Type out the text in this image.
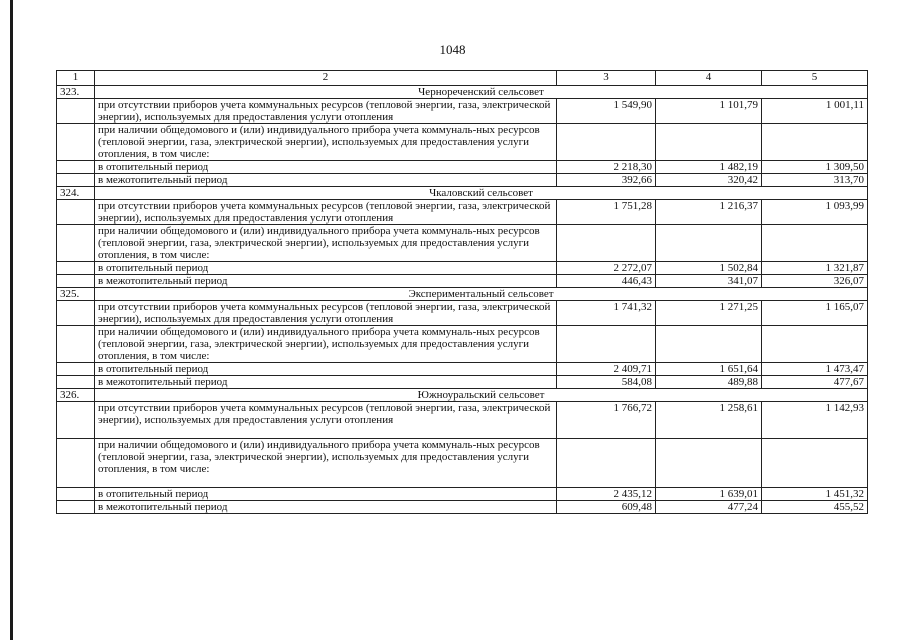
1048
1	2	3	4	5
323.	Чернореченский сельсовет			
	при отсутствии приборов учета коммунальных ресурсов (тепловой энергии, газа, электрической энергии), используемых для предоставления услуги отопления	1 549,90	1 101,79	1 001,11
	при наличии общедомового и (или) индивидуального прибора учета коммуналь-ных ресурсов (тепловой энергии, газа, электрической энергии), используемых для предоставления услуги отопления, в том числе:			
	в отопительный период	2 218,30	1 482,19	1 309,50
	в межотопительный период	392,66	320,42	313,70
324.	Чкаловский сельсовет			
	при отсутствии приборов учета коммунальных ресурсов (тепловой энергии, газа, электрической энергии), используемых для предоставления услуги отопления	1 751,28	1 216,37	1 093,99
	при наличии общедомового и (или) индивидуального прибора учета коммуналь-ных ресурсов (тепловой энергии, газа, электрической энергии), используемых для предоставления услуги отопления, в том числе:			
	в отопительный период	2 272,07	1 502,84	1 321,87
	в межотопительный период	446,43	341,07	326,07
325.	Экспериментальный сельсовет			
	при отсутствии приборов учета коммунальных ресурсов (тепловой энергии, газа, электрической энергии), используемых для предоставления услуги отопления	1 741,32	1 271,25	1 165,07
	при наличии общедомового и (или) индивидуального прибора учета коммуналь-ных ресурсов (тепловой энергии, газа, электрической энергии), используемых для предоставления услуги отопления, в том числе:			
	в отопительный период	2 409,71	1 651,64	1 473,47
	в межотопительный период	584,08	489,88	477,67
326.	Южноуральский сельсовет			
	при отсутствии приборов учета коммунальных ресурсов (тепловой энергии, газа, электрической энергии), используемых для предоставления услуги отопления	1 766,72	1 258,61	1 142,93
	при наличии общедомового и (или) индивидуального прибора учета коммуналь-ных ресурсов (тепловой энергии, газа, электрической энергии), используемых для предоставления услуги отопления, в том числе:			
	в отопительный период	2 435,12	1 639,01	1 451,32
	в межотопительный период	609,48	477,24	455,52
